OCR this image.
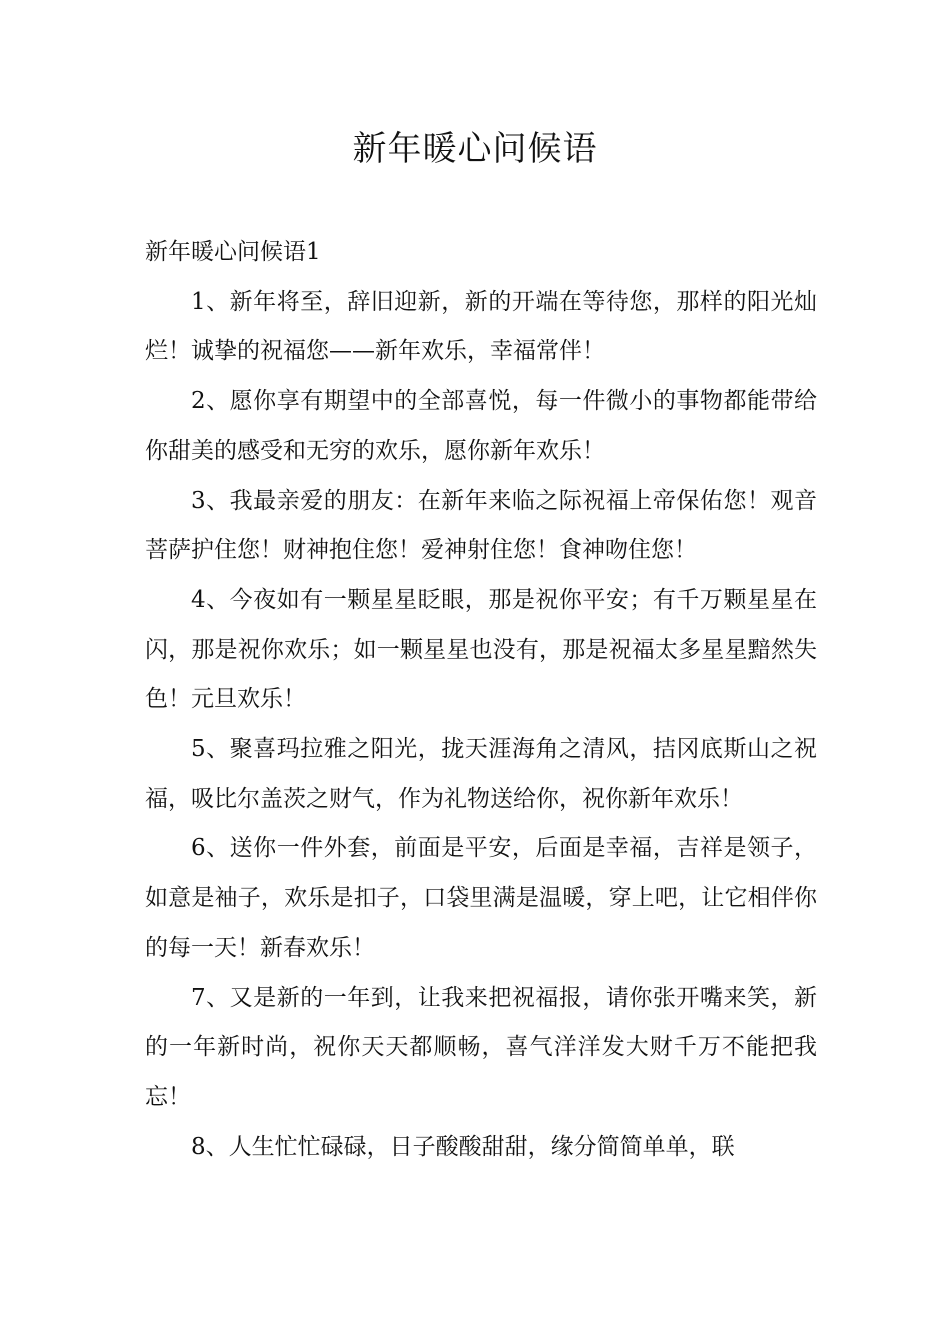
新年暖心问候语

新年暖心问候语1

1、新年将至，辞旧迎新，新的开端在等待您，那样的阳光灿烂！诚挚的祝福您——新年欢乐，幸福常伴！

2、愿你享有期望中的全部喜悦，每一件微小的事物都能带给你甜美的感受和无穷的欢乐，愿你新年欢乐！

3、我最亲爱的朋友：在新年来临之际祝福上帝保佑您！观音菩萨护住您！财神抱住您！爱神射住您！食神吻住您！

4、今夜如有一颗星星眨眼，那是祝你平安；有千万颗星星在闪，那是祝你欢乐；如一颗星星也没有，那是祝福太多星星黯然失色！元旦欢乐！

5、聚喜玛拉雅之阳光，拢天涯海角之清风，拮冈底斯山之祝福，吸比尔盖茨之财气，作为礼物送给你，祝你新年欢乐！

6、送你一件外套，前面是平安，后面是幸福，吉祥是领子，如意是袖子，欢乐是扣子，口袋里满是温暖，穿上吧，让它相伴你的每一天！新春欢乐！

7、又是新的一年到，让我来把祝福报，请你张开嘴来笑，新的一年新时尚，祝你天天都顺畅，喜气洋洋发大财千万不能把我忘！

8、人生忙忙碌碌，日子酸酸甜甜，缘分简简单单，联
